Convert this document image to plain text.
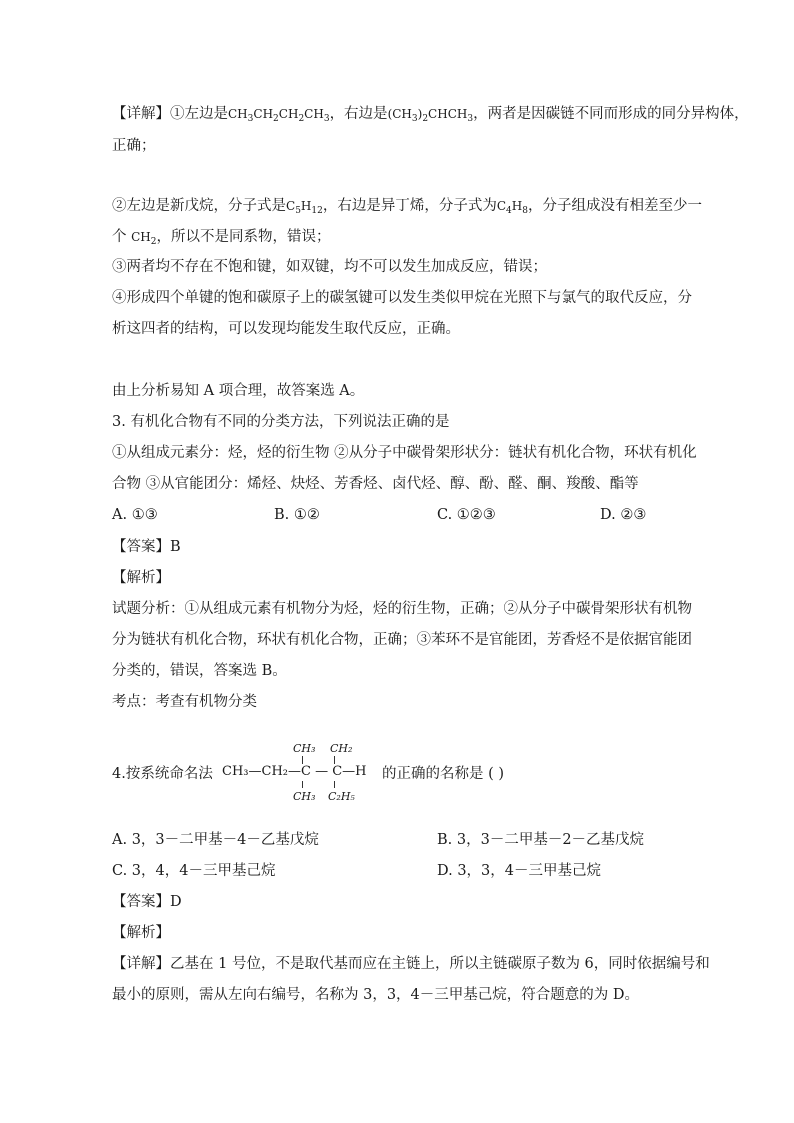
【详解】①左边是$CH_3CH_2CH_2CH_3$，右边是$(CH_3)_2CHCH_3$，两者是因碳链不同而形成的同分异构体，
正确；
②左边是新戊烷，分子式是$C_5H_{12}$，右边是异丁烯，分子式为$C_4H_8$，分子组成没有相差至少一
个 $CH_2$，所以不是同系物，错误；
③两者均不存在不饱和键，如双键，均不可以发生加成反应，错误；
④形成四个单键的饱和碳原子上的碳氢键可以发生类似甲烷在光照下与氯气的取代反应，分
析这四者的结构，可以发现均能发生取代反应，正确。
由上分析易知 A 项合理，故答案选 A。
3. 有机化合物有不同的分类方法，下列说法正确的是
①从组成元素分：烃，烃的衍生物 ②从分子中碳骨架形状分：链状有机化合物，环状有机化
合物 ③从官能团分：烯烃、炔烃、芳香烃、卤代烃、醇、酚、醛、酮、羧酸、酯等
A. ①③	B. ①②	C. ①②③	D. ②③
【答案】B
【解析】
试题分析：①从组成元素有机物分为烃，烃的衍生物，正确；②从分子中碳骨架形状有机物
分为链状有机化合物，环状有机化合物，正确；③苯环不是官能团，芳香烃不是依据官能团
分类的，错误，答案选 B。
考点：考查有机物分类
4.按系统命名法 CH₃—CH₂—C — C—H
CH₃ CH₂
CH₃ C₂H₅
的正确的名称是 ( )
A. 3，3－二甲基－4－乙基戊烷	B. 3，3－二甲基－2－乙基戊烷
C. 3，4，4－三甲基己烷	D. 3，3，4－三甲基己烷
【答案】D
【解析】
【详解】乙基在 1 号位，不是取代基而应在主链上，所以主链碳原子数为 6，同时依据编号和
最小的原则，需从左向右编号，名称为 3，3，4－三甲基己烷，符合题意的为 D。
